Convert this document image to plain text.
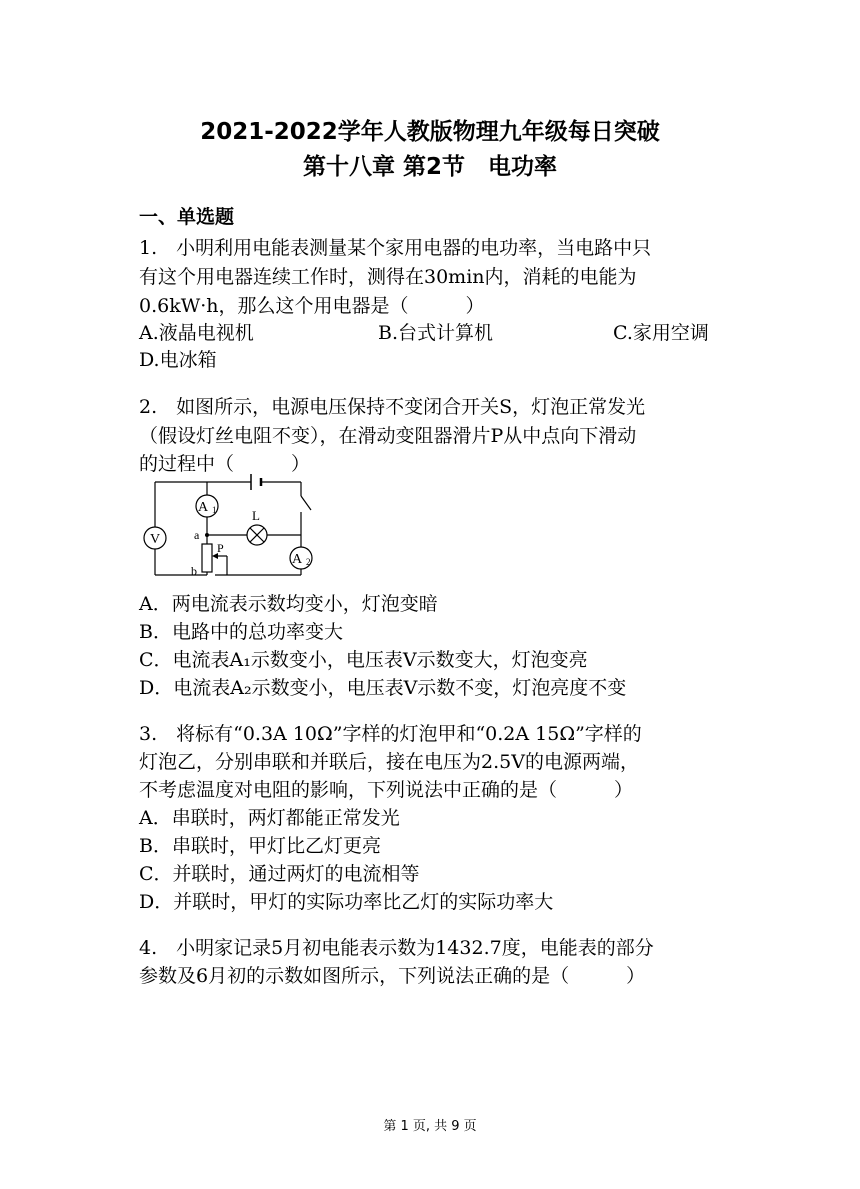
2021-2022学年人教版物理九年级每日突破
第十八章 第2节　电功率
一、单选题
1.　小明利用电能表测量某个家用电器的电功率，当电路中只
有这个用电器连续工作时，测得在30min内，消耗的电能为
0.6kW·h，那么这个用电器是（　　　）
A.液晶电视机	B.台式计算机	C.家用空调
D.电冰箱
2.　如图所示，电源电压保持不变闭合开关S，灯泡正常发光
（假设灯丝电阻不变），在滑动变阻器滑片P从中点向下滑动
的过程中（　　　）
V
A 1
A 2
L
a
b
P
A．两电流表示数均变小，灯泡变暗
B．电路中的总功率变大
C．电流表A₁示数变小，电压表V示数变大，灯泡变亮
D．电流表A₂示数变小，电压表V示数不变，灯泡亮度不变
3.　将标有“0.3A 10Ω”字样的灯泡甲和“0.2A 15Ω”字样的
灯泡乙，分别串联和并联后，接在电压为2.5V的电源两端，
不考虑温度对电阻的影响，下列说法中正确的是（　　　）
A．串联时，两灯都能正常发光
B．串联时，甲灯比乙灯更亮
C．并联时，通过两灯的电流相等
D．并联时，甲灯的实际功率比乙灯的实际功率大
4.　小明家记录5月初电能表示数为1432.7度，电能表的部分
参数及6月初的示数如图所示，下列说法正确的是（　　　）
第 1 页, 共 9 页
